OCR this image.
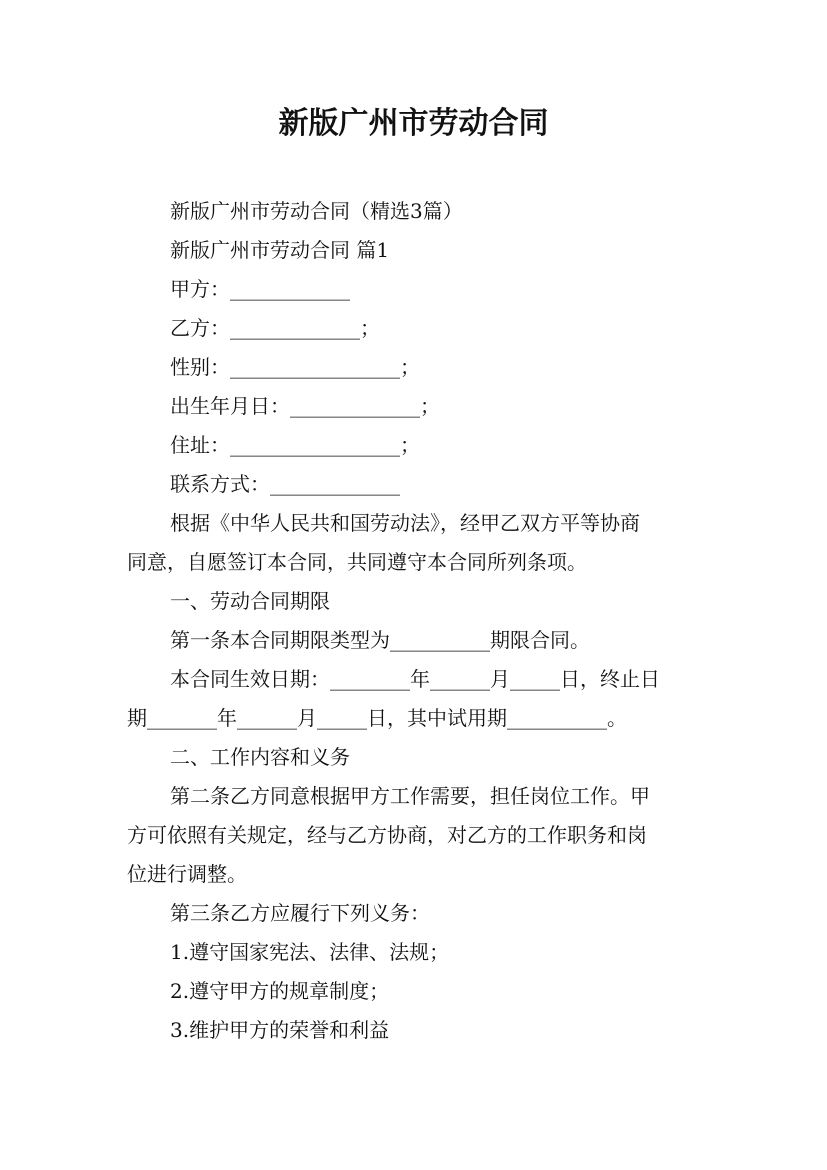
新版广州市劳动合同
新版广州市劳动合同（精选3篇）
新版广州市劳动合同 篇1
甲方：____________
乙方：_____________；
性别：_________________；
出生年月日：_____________；
住址：_________________；
联系方式：_____________
根据《中华人民共和国劳动法》，经甲乙双方平等协商
同意，自愿签订本合同，共同遵守本合同所列条项。
一、劳动合同期限
第一条本合同期限类型为__________期限合同。
本合同生效日期：________年______月_____日，终止日
期_______年______月_____日，其中试用期__________。
二、工作内容和义务
第二条乙方同意根据甲方工作需要，担任岗位工作。甲
方可依照有关规定，经与乙方协商，对乙方的工作职务和岗
位进行调整。
第三条乙方应履行下列义务：
1.遵守国家宪法、法律、法规；
2.遵守甲方的规章制度；
3.维护甲方的荣誉和利益
